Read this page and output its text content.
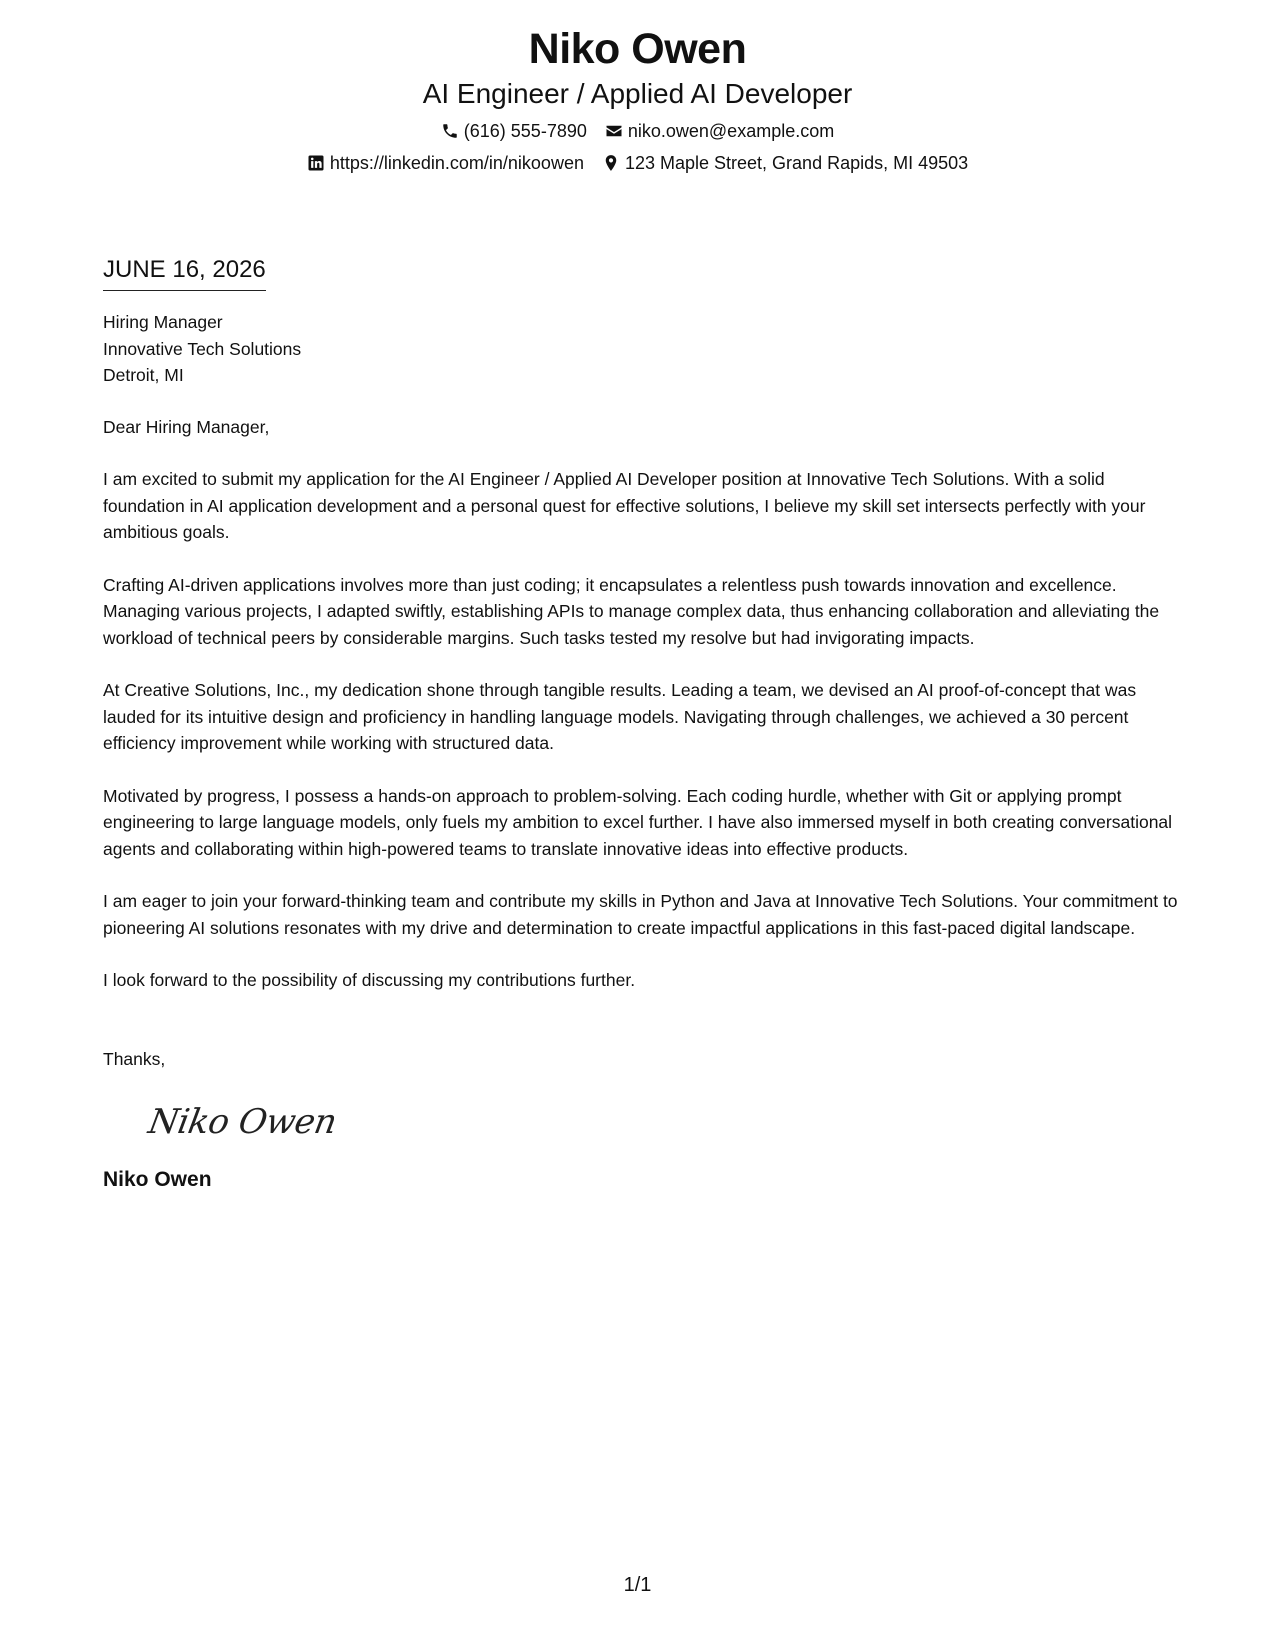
Niko Owen
AI Engineer / Applied AI Developer
(616) 555-7890 niko.owen@example.com
https://linkedin.com/in/nikoowen 123 Maple Street, Grand Rapids, MI 49503
JUNE 16, 2026

Hiring Manager

Innovative Tech Solutions

Detroit, MI

Dear Hiring Manager,

I am excited to submit my application for the AI Engineer / Applied AI Developer position at Innovative Tech Solutions. With a solid foundation in AI application development and a personal quest for effective solutions, I believe my skill set intersects perfectly with your ambitious goals.

Crafting AI-driven applications involves more than just coding; it encapsulates a relentless push towards innovation and excellence. Managing various projects, I adapted swiftly, establishing APIs to manage complex data, thus enhancing collaboration and alleviating the workload of technical peers by considerable margins. Such tasks tested my resolve but had invigorating impacts.

At Creative Solutions, Inc., my dedication shone through tangible results. Leading a team, we devised an AI proof-of-concept that was lauded for its intuitive design and proficiency in handling language models. Navigating through challenges, we achieved a 30 percent efficiency improvement while working with structured data.

Motivated by progress, I possess a hands-on approach to problem-solving. Each coding hurdle, whether with Git or applying prompt engineering to large language models, only fuels my ambition to excel further. I have also immersed myself in both creating conversational agents and collaborating within high-powered teams to translate innovative ideas into effective products.

I am eager to join your forward-thinking team and contribute my skills in Python and Java at Innovative Tech Solutions. Your commitment to pioneering AI solutions resonates with my drive and determination to create impactful applications in this fast-paced digital landscape.

I look forward to the possibility of discussing my contributions further.

Thanks,

Niko Owen

Niko Owen

1/1
